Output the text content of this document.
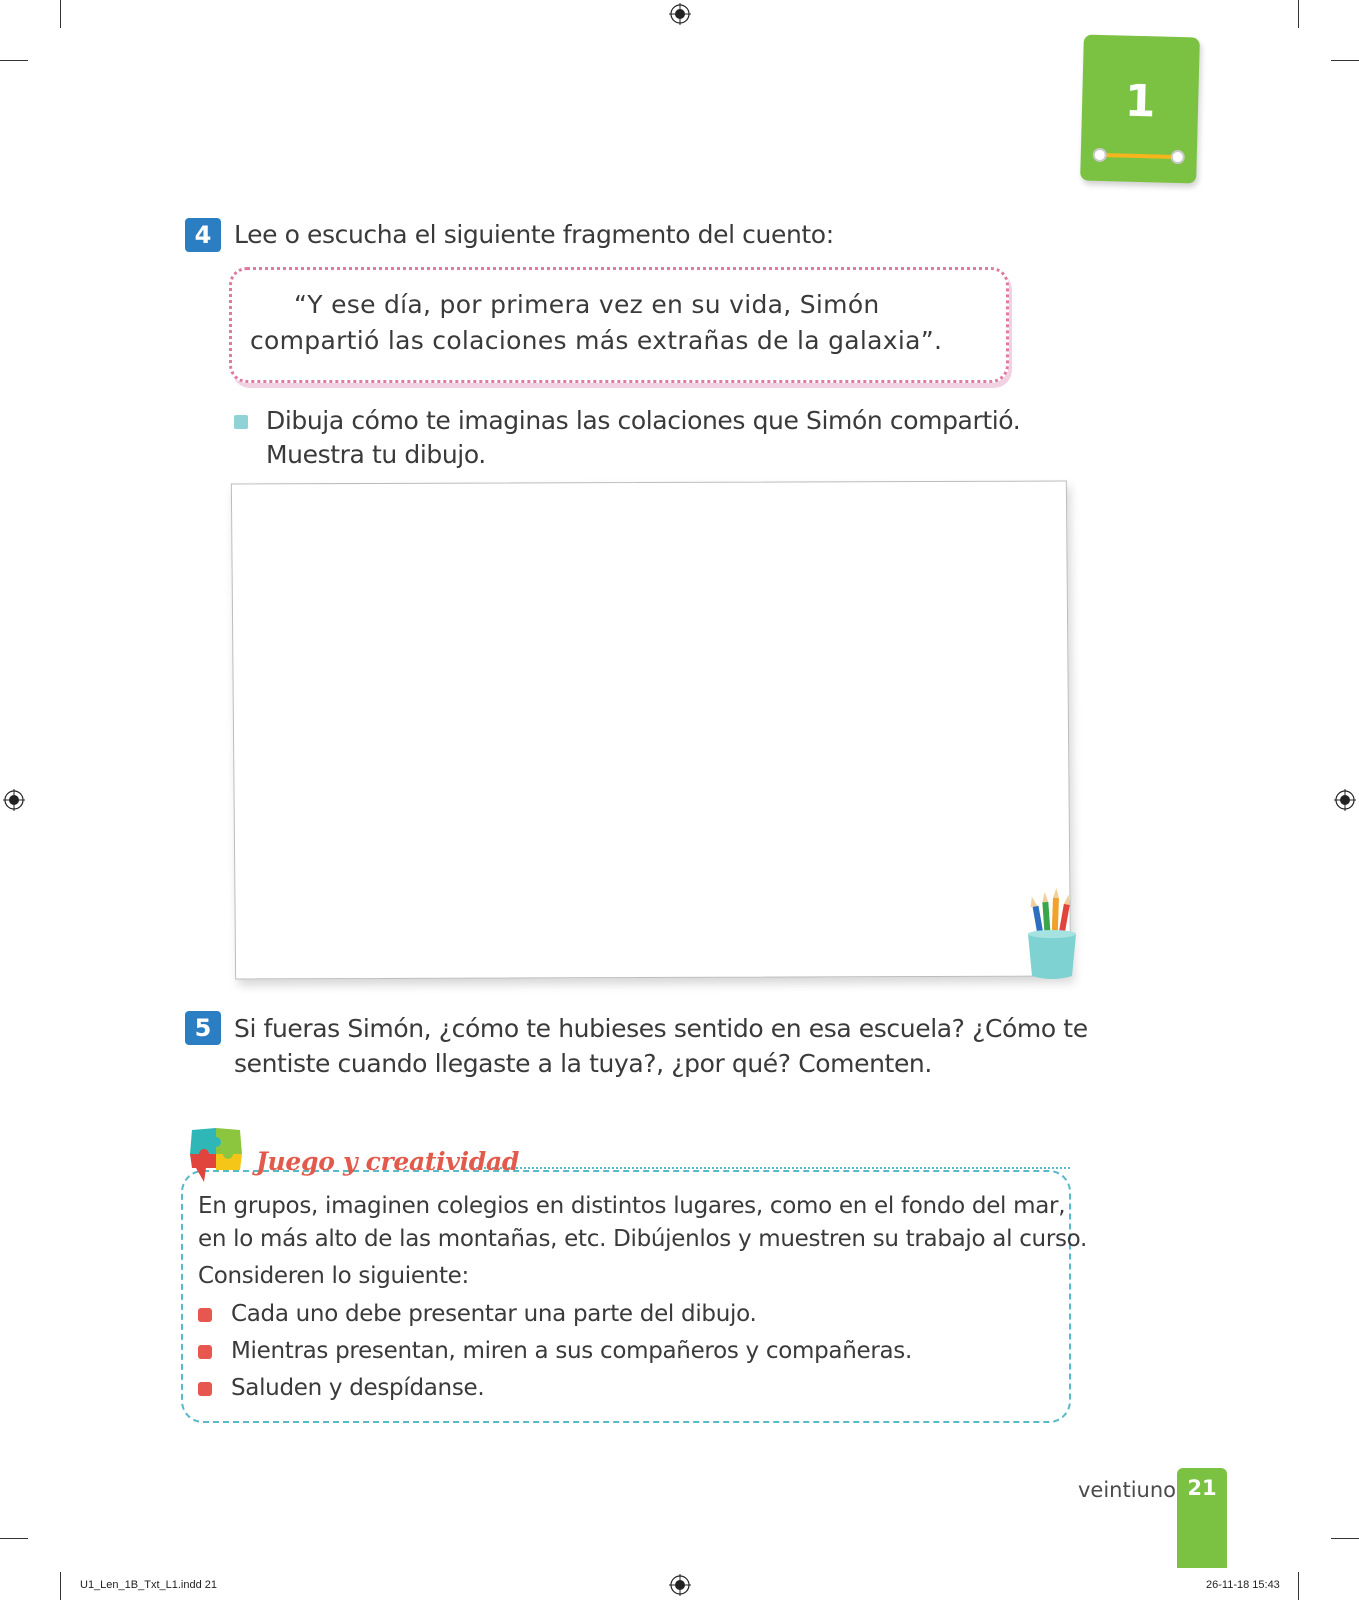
1
4 Lee o escucha el siguiente fragmento del cuento:
“Y ese día, por primera vez en su vida, Simón
compartió las colaciones más extrañas de la galaxia”.
Dibuja cómo te imaginas las colaciones que Simón compartió.
Muestra tu dibujo.
5 Si fueras Simón, ¿cómo te hubieses sentido en esa escuela? ¿Cómo te
sentiste cuando llegaste a la tuya?, ¿por qué? Comenten.
Juego y creatividad
En grupos, imaginen colegios en distintos lugares, como en el fondo del mar,
en lo más alto de las montañas, etc. Dibújenlos y muestren su trabajo al curso.
Consideren lo siguiente:
Cada uno debe presentar una parte del dibujo.
Mientras presentan, miren a sus compañeros y compañeras.
Saluden y despídanse.
veintiuno 21
U1_Len_1B_Txt_L1.indd 21	26-11-18 15:43
